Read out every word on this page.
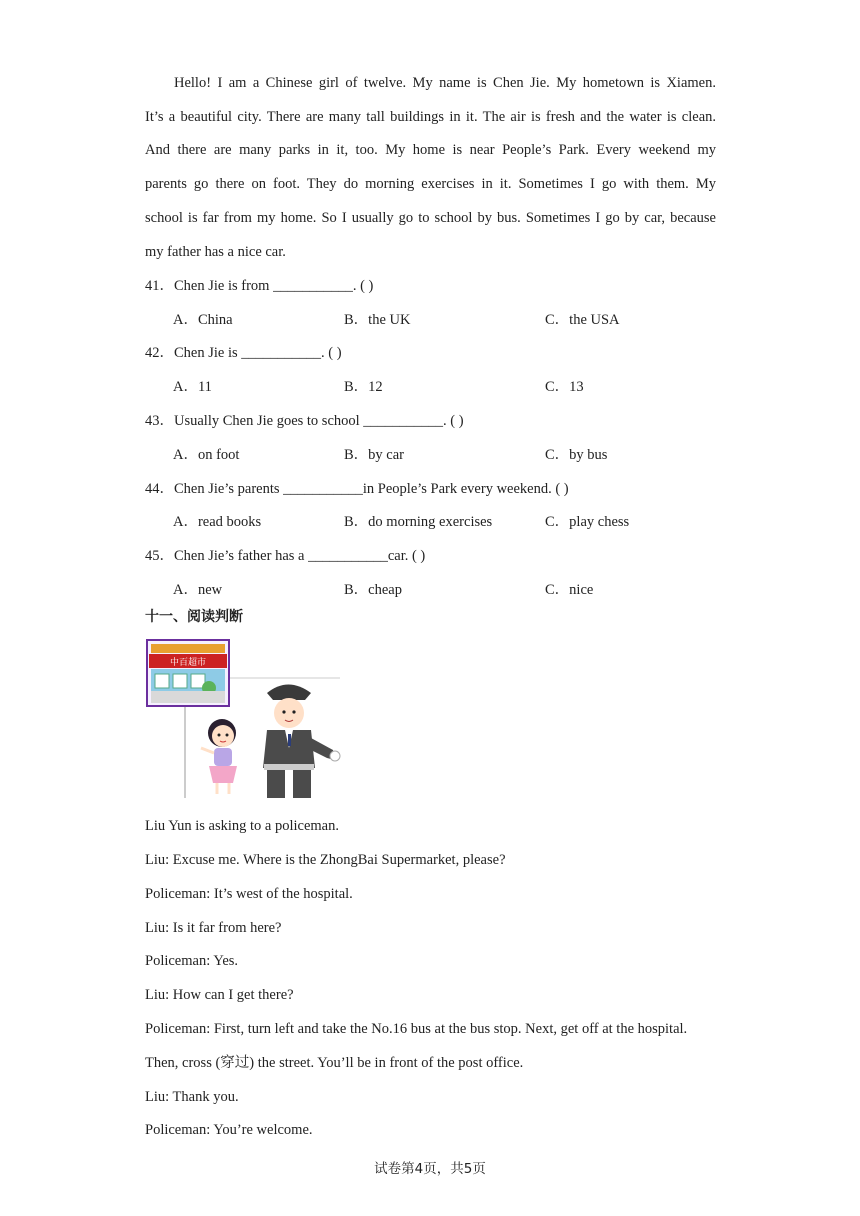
Hello! I am a Chinese girl of twelve. My name is Chen Jie. My hometown is Xiamen.
It’s a beautiful city. There are many tall buildings in it. The air is fresh and the water is clean.
And there are many parks in it, too. My home is near People’s Park. Every weekend my
parents go there on foot. They do morning exercises in it. Sometimes I go with them. My
school is far from my home. So I usually go to school by bus. Sometimes I go by car, because
my father has a nice car.
41．Chen Jie is from ___________. ( )
A．China	B．the UK	C．the USA
42．Chen Jie is ___________. ( )
A．11	B．12	C．13
43．Usually Chen Jie goes to school ___________. ( )
A．on foot	B．by car	C．by bus
44．Chen Jie’s parents ___________in People’s Park every weekend. ( )
A．read books	B．do morning exercises	C．play chess
45．Chen Jie’s father has a ___________car. ( )
A．new	B．cheap	C．nice
十一、阅读判断
中百超市
Liu Yun is asking to a policeman.
Liu: Excuse me. Where is the ZhongBai Supermarket, please?
Policeman: It’s west of the hospital.
Liu: Is it far from here?
Policeman: Yes.
Liu: How can I get there?
Policeman: First, turn left and take the No.16 bus at the bus stop. Next, get off at the hospital.
Then, cross (穿过) the street. You’ll be in front of the post office.
Liu: Thank you.
Policeman: You’re welcome.
试卷第4页，共5页
